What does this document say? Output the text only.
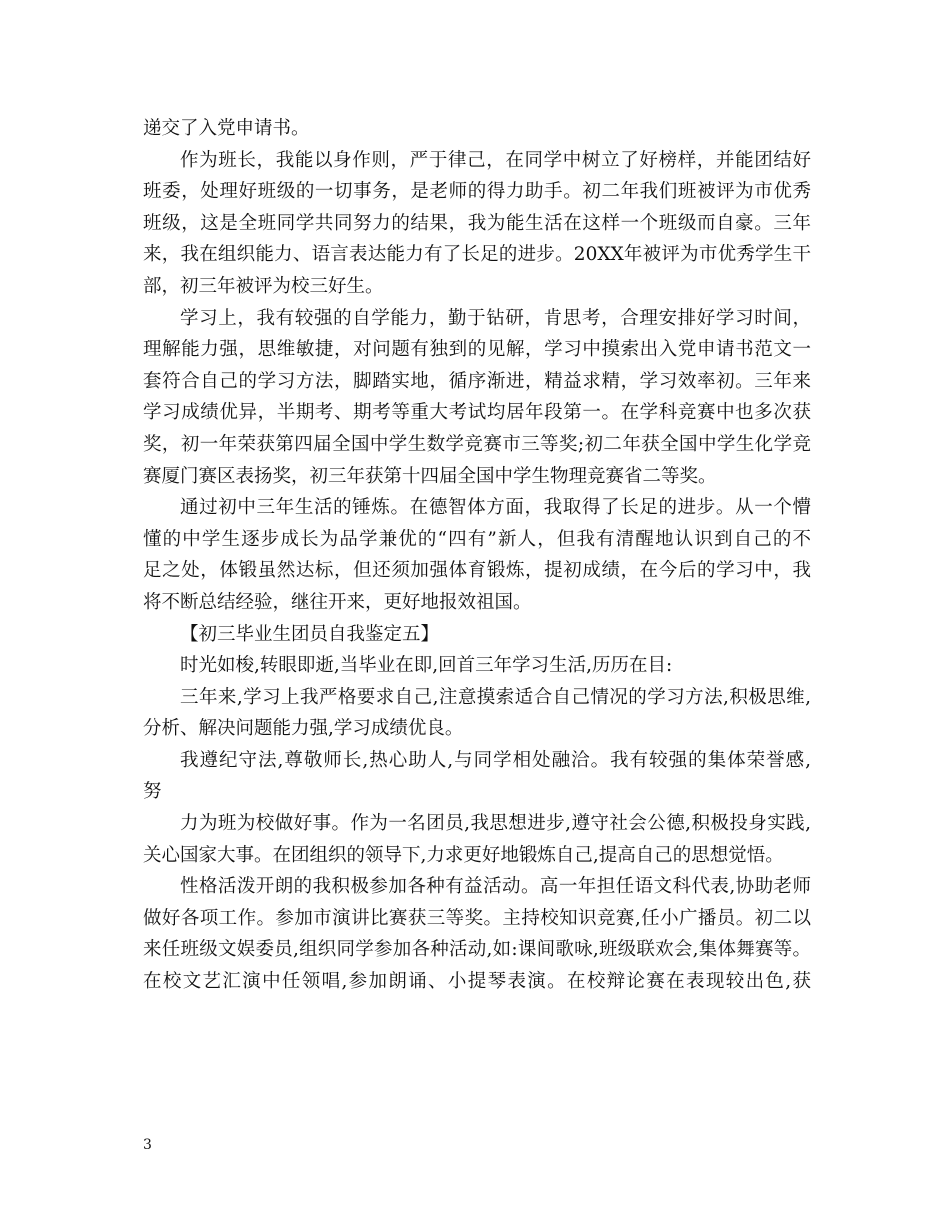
递交了入党申请书。
作为班长，我能以身作则，严于律己，在同学中树立了好榜样，并能团结好
班委，处理好班级的一切事务，是老师的得力助手。初二年我们班被评为市优秀
班级，这是全班同学共同努力的结果，我为能生活在这样一个班级而自豪。三年
来，我在组织能力、语言表达能力有了长足的进步。20XX年被评为市优秀学生干
部，初三年被评为校三好生。
学习上，我有较强的自学能力，勤于钻研，肯思考，合理安排好学习时间，
理解能力强，思维敏捷，对问题有独到的见解，学习中摸索出入党申请书范文一
套符合自己的学习方法，脚踏实地，循序渐进，精益求精，学习效率初。三年来
学习成绩优异，半期考、期考等重大考试均居年段第一。在学科竞赛中也多次获
奖，初一年荣获第四届全国中学生数学竞赛市三等奖;初二年获全国中学生化学竞
赛厦门赛区表扬奖，初三年获第十四届全国中学生物理竞赛省二等奖。
通过初中三年生活的锤炼。在德智体方面，我取得了长足的进步。从一个懵
懂的中学生逐步成长为品学兼优的“四有”新人，但我有清醒地认识到自己的不
足之处，体锻虽然达标，但还须加强体育锻炼，提初成绩，在今后的学习中，我
将不断总结经验，继往开来，更好地报效祖国。
【初三毕业生团员自我鉴定五】
时光如梭,转眼即逝,当毕业在即,回首三年学习生活,历历在目:
三年来,学习上我严格要求自己,注意摸索适合自己情况的学习方法,积极思维,
分析、解决问题能力强,学习成绩优良。
我遵纪守法,尊敬师长,热心助人,与同学相处融洽。我有较强的集体荣誉感,
努
力为班为校做好事。作为一名团员,我思想进步,遵守社会公德,积极投身实践,
关心国家大事。在团组织的领导下,力求更好地锻炼自己,提高自己的思想觉悟。
性格活泼开朗的我积极参加各种有益活动。高一年担任语文科代表,协助老师
做好各项工作。参加市演讲比赛获三等奖。主持校知识竞赛,任小广播员。初二以
来任班级文娱委员,组织同学参加各种活动,如:课间歌咏,班级联欢会,集体舞赛等。
在校文艺汇演中任领唱,参加朗诵、小提琴表演。在校辩论赛在表现较出色,获
3
